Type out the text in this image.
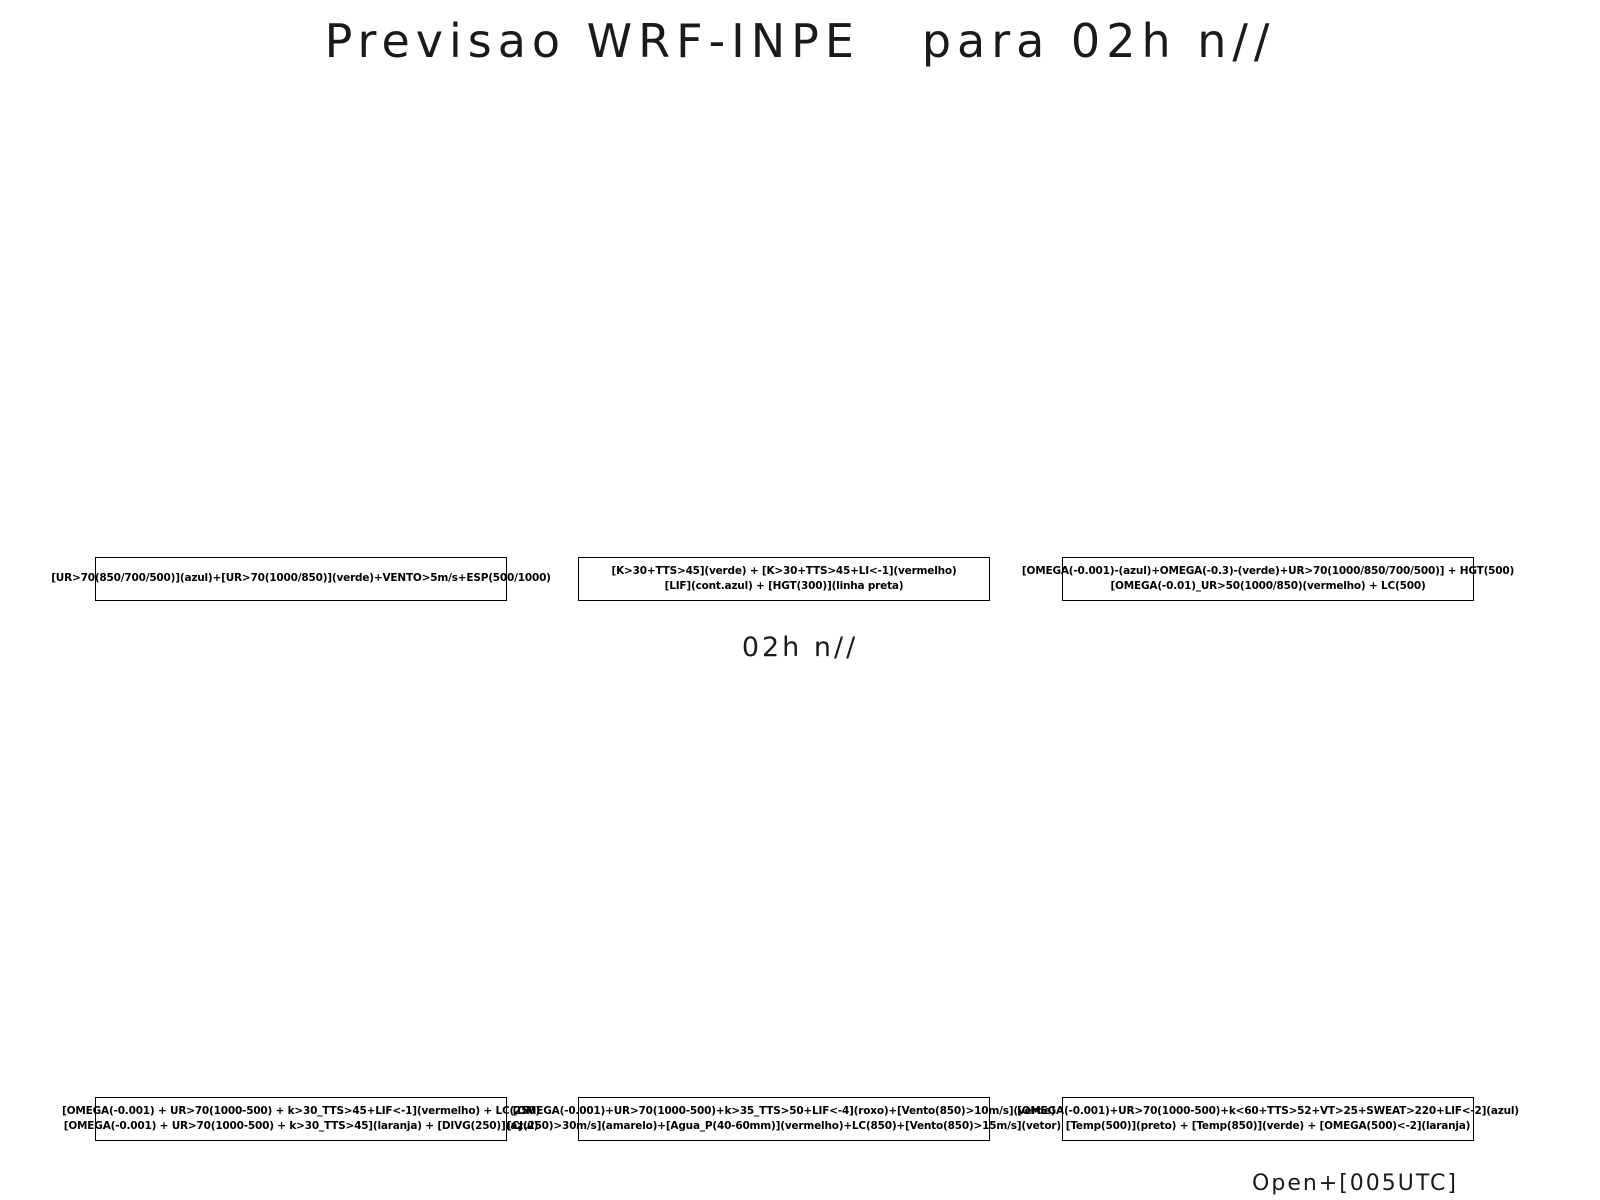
Previsao WRF-INPE   para 02h n//
[UR>70(850/700/500)](azul)+[UR>70(1000/850)](verde)+VENTO>5m/s+ESP(500/1000)
[K>30+TTS>45](verde) + [K>30+TTS>45+LI<-1](vermelho)
[LIF](cont.azul) + [HGT(300)](linha preta)
[OMEGA(-0.001)-(azul)+OMEGA(-0.3)-(verde)+UR>70(1000/850/700/500)] + HGT(500)
[OMEGA(-0.01)_UR>50(1000/850)(vermelho) + LC(500)
02h n//
[OMEGA(-0.001) + UR>70(1000-500) + k>30_TTS>45+LIF<-1](vermelho) + LC(250)
[OMEGA(-0.001) + UR>70(1000-500) + k>30_TTS>45](laranja) + [DIVG(250)](azul)
[OMEGA(-0.001)+UR>70(1000-500)+k>35_TTS>50+LIF<-4](roxo)+[Vento(850)>10m/s](verde)
[CJ(250)>30m/s](amarelo)+[Agua_P(40-60mm)](vermelho)+LC(850)+[Vento(850)>15m/s](vetor)
[OMEGA(-0.001)+UR>70(1000-500)+k<60+TTS>52+VT>25+SWEAT>220+LIF<-2](azul)
[Temp(500)](preto) + [Temp(850)](verde) + [OMEGA(500)<-2](laranja)
Open+[005UTC]
